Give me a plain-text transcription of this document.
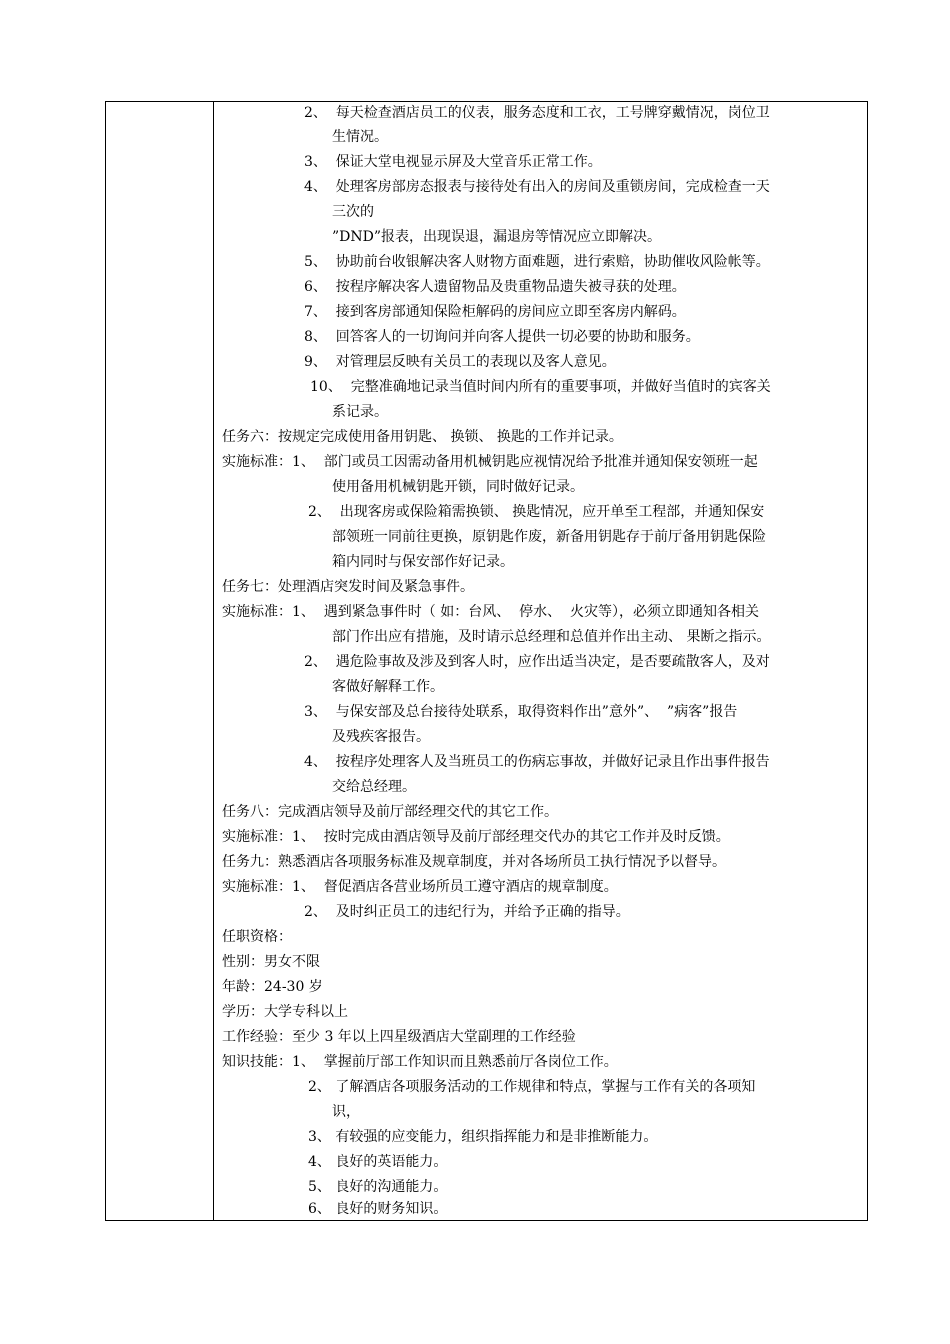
2、  每天检查酒店员工的仪表，服务态度和工衣，工号牌穿戴情况，岗位卫
生情况。
3、  保证大堂电视显示屏及大堂音乐正常工作。
4、  处理客房部房态报表与接待处有出入的房间及重锁房间，完成检查一天
三次的
”DND”报表，出现误退，漏退房等情况应立即解决。
5、  协助前台收银解决客人财物方面难题，进行索赔，协助催收风险帐等。
6、  按程序解决客人遗留物品及贵重物品遗失被寻获的处理。
7、  接到客房部通知保险柜解码的房间应立即至客房内解码。
8、  回答客人的一切询问并向客人提供一切必要的协助和服务。
9、  对管理层反映有关员工的表现以及客人意见。
10、  完整准确地记录当值时间内所有的重要事项，并做好当值时的宾客关
系记录。
任务六：按规定完成使用备用钥匙、 换锁、 换匙的工作并记录。
实施标准：1、  部门或员工因需动备用机械钥匙应视情况给予批准并通知保安领班一起
使用备用机械钥匙开锁，同时做好记录。
2、  出现客房或保险箱需换锁、 换匙情况，应开单至工程部，并通知保安
部领班一同前往更换，原钥匙作废，新备用钥匙存于前厅备用钥匙保险
箱内同时与保安部作好记录。
任务七：处理酒店突发时间及紧急事件。
实施标准：1、  遇到紧急事件时（ 如：台风、  停水、  火灾等），必须立即通知各相关
部门作出应有措施，及时请示总经理和总值并作出主动、 果断之指示。
2、  遇危险事故及涉及到客人时，应作出适当决定，是否要疏散客人，及对
客做好解释工作。
3、  与保安部及总台接待处联系，取得资料作出”意外”、  ”病客”报告
及残疾客报告。
4、  按程序处理客人及当班员工的伤病忘事故，并做好记录且作出事件报告
交给总经理。
任务八：完成酒店领导及前厅部经理交代的其它工作。
实施标准：1、  按时完成由酒店领导及前厅部经理交代办的其它工作并及时反馈。
任务九：熟悉酒店各项服务标准及规章制度，并对各场所员工执行情况予以督导。
实施标准：1、  督促酒店各营业场所员工遵守酒店的规章制度。
2、  及时纠正员工的违纪行为，并给予正确的指导。
任职资格：
性别：男女不限
年龄：24-30 岁
学历：大学专科以上
工作经验：至少 3 年以上四星级酒店大堂副理的工作经验
知识技能：1、  掌握前厅部工作知识而且熟悉前厅各岗位工作。
2、 了解酒店各项服务活动的工作规律和特点，掌握与工作有关的各项知
识，
3、 有较强的应变能力，组织指挥能力和是非推断能力。
4、 良好的英语能力。
5、 良好的沟通能力。
6、 良好的财务知识。
